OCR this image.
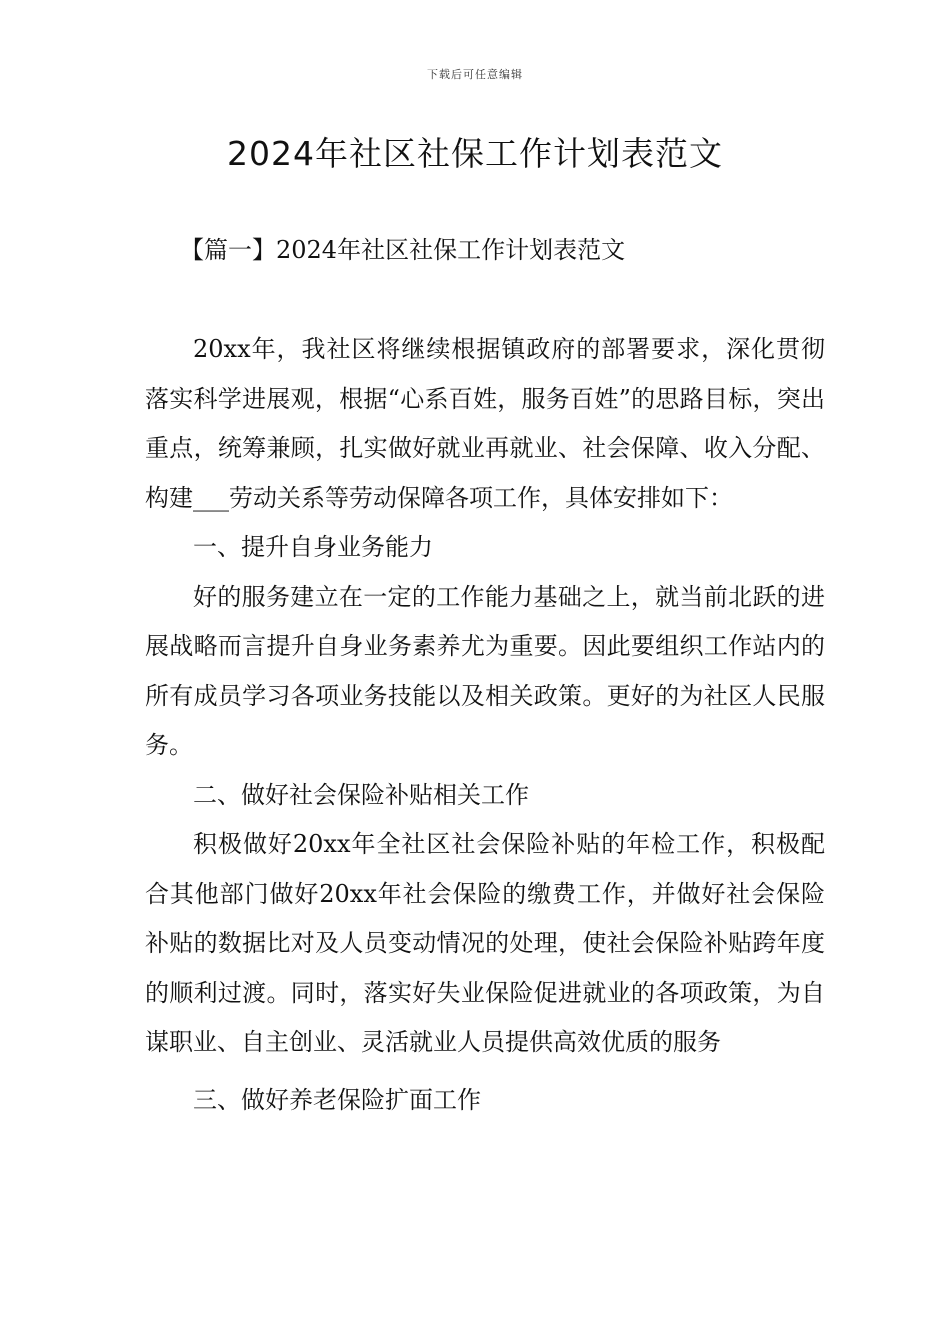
下载后可任意编辑
2024年社区社保工作计划表范文
【篇一】2024年社区社保工作计划表范文

20xx年，我社区将继续根据镇政府的部署要求，深化贯彻落实科学进展观，根据“心系百姓，服务百姓”的思路目标，突出重点，统筹兼顾，扎实做好就业再就业、社会保障、收入分配、构建___劳动关系等劳动保障各项工作，具体安排如下：

一、提升自身业务能力

好的服务建立在一定的工作能力基础之上，就当前北跃的进展战略而言提升自身业务素养尤为重要。因此要组织工作站内的所有成员学习各项业务技能以及相关政策。更好的为社区人民服务。

二、做好社会保险补贴相关工作

积极做好20xx年全社区社会保险补贴的年检工作，积极配合其他部门做好20xx年社会保险的缴费工作，并做好社会保险补贴的数据比对及人员变动情况的处理，使社会保险补贴跨年度的顺利过渡。同时，落实好失业保险促进就业的各项政策，为自谋职业、自主创业、灵活就业人员提供高效优质的服务

三、做好养老保险扩面工作
